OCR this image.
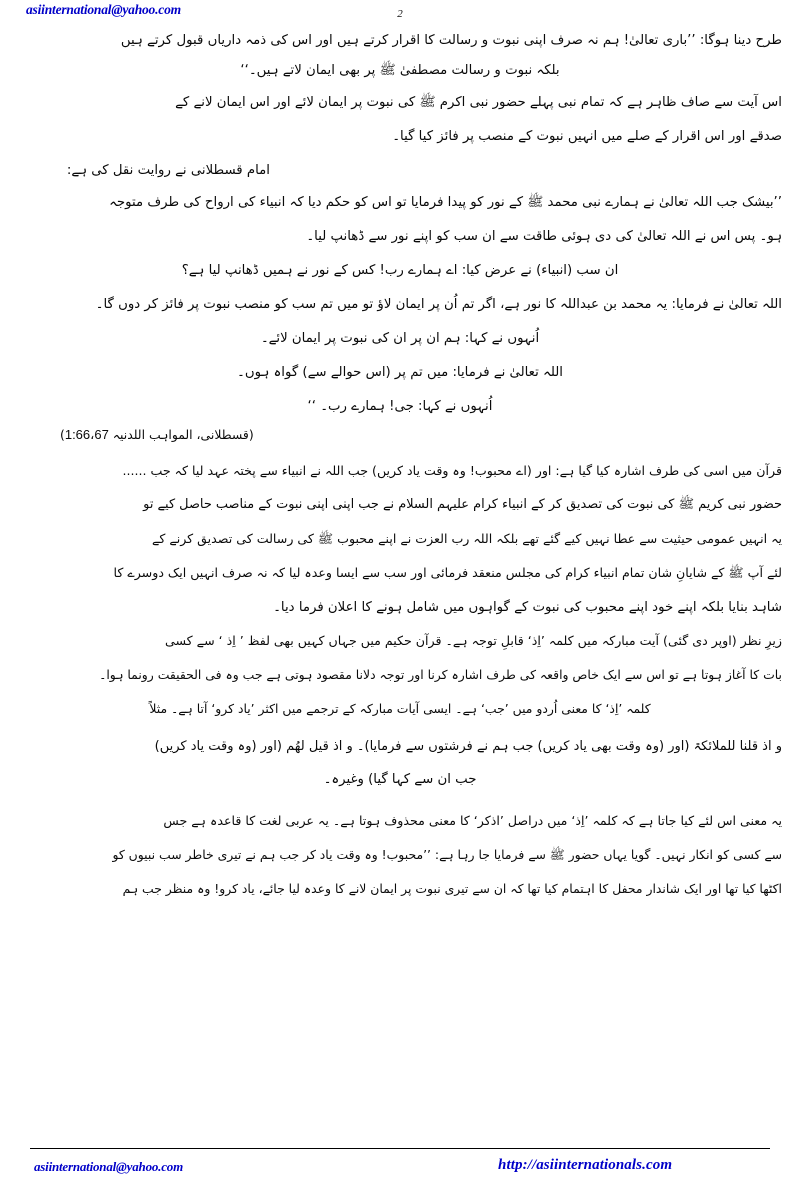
asiinternational@yahoo.com	2
طرح دینا ہوگا: ’’باری تعالیٰ! ہم نہ صرف اپنی نبوت و رسالت کا اقرار کرتے ہیں اور اس کی ذمہ داریاں قبول کرتے ہیں
بلکہ نبوت و رسالت مصطفیٰ ﷺ پر بھی ایمان لاتے ہیں۔‘‘
اس آیت سے صاف ظاہر ہے کہ تمام نبی پہلے حضور نبی اکرم ﷺ کی نبوت پر ایمان لائے اور اس ایمان لانے کے
صدقے اور اس اقرار کے صلے میں انہیں نبوت کے منصب پر فائز کیا گیا۔
امام قسطلانی نے روایت نقل کی ہے:
’’بیشک جب اللہ تعالیٰ نے ہمارے نبی محمد ﷺ کے نور کو پیدا فرمایا تو اس کو حکم دیا کہ انبیاء کی ارواح کی طرف متوجہ
ہو۔ پس اس نے اللہ تعالیٰ کی دی ہوئی طاقت سے ان سب کو اپنے نور سے ڈھانپ لیا۔
ان سب (انبیاء) نے عرض کیا: اے ہمارے رب! کس کے نور نے ہمیں ڈھانپ لیا ہے؟
اللہ تعالیٰ نے فرمایا: یہ محمد بن عبداللہ کا نور ہے، اگر تم اُن پر ایمان لاؤ تو میں تم سب کو منصب نبوت پر فائز کر دوں گا۔
اُنہوں نے کہا: ہم ان پر ان کی نبوت پر ایمان لائے۔
اللہ تعالیٰ نے فرمایا: میں تم پر (اس حوالے سے) گواہ ہوں۔
اُنہوں نے کہا: جی! ہمارے رب۔ ‘‘
(قسطلانی، المواہب اللدنیہ 1:66،67)
قرآن میں اسی کی طرف اشارہ کیا گیا ہے: اور (اے محبوب! وہ وقت یاد کریں) جب اللہ نے انبیاء سے پختہ عہد لیا کہ جب ......
حضور نبی کریم ﷺ کی نبوت کی تصدیق کر کے انبیاء کرام علیہم السلام نے جب اپنی اپنی نبوت کے مناصب حاصل کیے تو
یہ انہیں عمومی حیثیت سے عطا نہیں کیے گئے تھے بلکہ اللہ رب العزت نے اپنے محبوب ﷺ کی رسالت کی تصدیق کرنے کے
لئے آپ ﷺ کے شایانِ شان تمام انبیاء کرام کی مجلس منعقد فرمائی اور سب سے ایسا وعدہ لیا کہ نہ صرف انہیں ایک دوسرے کا
شاہد بنایا بلکہ اپنے خود اپنے محبوب کی نبوت کے گواہوں میں شامل ہونے کا اعلان فرما دیا۔
زیرِ نظر (اوپر دی گئی) آیت مبارکہ میں کلمہ ’اِذ‘ قابلِ توجہ ہے۔ قرآن حکیم میں جہاں کہیں بھی لفظ ’ اِذ ‘ سے کسی
بات کا آغاز ہوتا ہے تو اس سے ایک خاص واقعہ کی طرف اشارہ کرنا اور توجہ دلانا مقصود ہوتی ہے جب وہ فی الحقیقت رونما ہوا۔
کلمہ ’اِذ‘ کا معنی اُردو میں ’جب‘ ہے۔ ایسی آیات مبارکہ کے ترجمے میں اکثر ’یاد کرو‘ آتا ہے۔ مثلاً
و اذ قلنا للملائکۃ (اور (وہ وقت بھی یاد کریں) جب ہم نے فرشتوں سے فرمایا)۔ و اذ قیل لھُم (اور (وہ وقت یاد کریں)
جب ان سے کہا گیا) وغیرہ۔
یہ معنی اس لئے کیا جاتا ہے کہ کلمہ ’اِذ‘ میں دراصل ’اذکر‘ کا معنی محذوف ہوتا ہے۔ یہ عربی لغت کا قاعدہ ہے جس
سے کسی کو انکار نہیں۔ گویا یہاں حضور ﷺ سے فرمایا جا رہا ہے: ’’محبوب! وہ وقت یاد کر جب ہم نے تیری خاطر سب نبیوں کو
اکٹھا کیا تھا اور ایک شاندار محفل کا اہتمام کیا تھا کہ ان سے تیری نبوت پر ایمان لانے کا وعدہ لیا جائے، یاد کرو! وہ منظر جب ہم
asiinternational@yahoo.com	http://asiinternationals.com
